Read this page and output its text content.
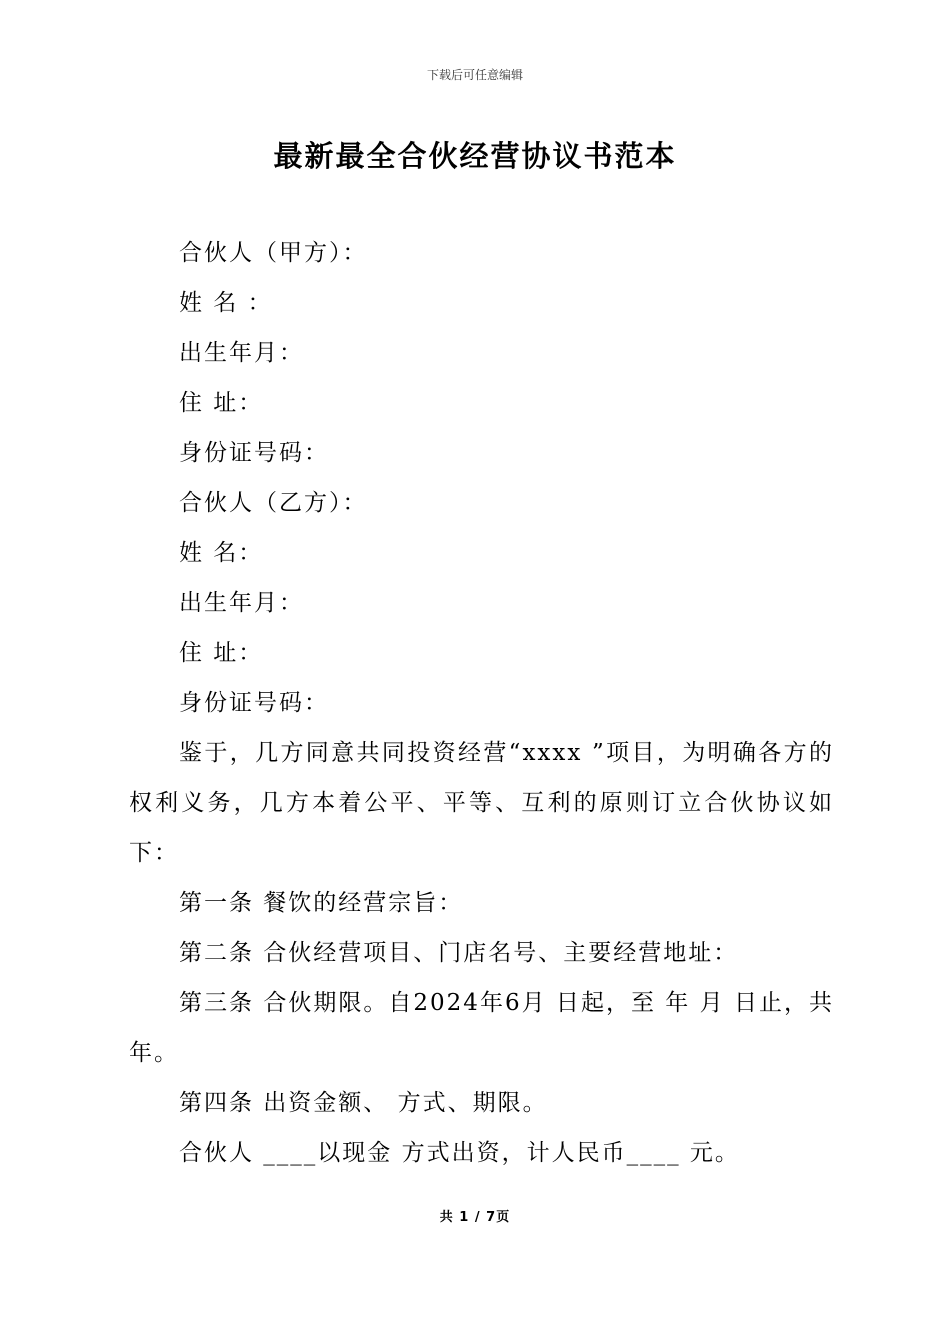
下载后可任意编辑
最新最全合伙经营协议书范本

合伙人（甲方）：

姓 名 ：

出生年月：

住 址：

身份证号码：

合伙人（乙方）：

姓 名：

出生年月：

住 址：

身份证号码：

鉴于，几方同意共同投资经营“xxxx ”项目，为明确各方的权利义务，几方本着公平、平等、互利的原则订立合伙协议如下：

第一条 餐饮的经营宗旨：

第二条 合伙经营项目、门店名号、主要经营地址：

第三条 合伙期限。自2024年6月 日起，至 年 月 日止，共 年。

第四条 出资金额、 方式、期限。

合伙人 ____以现金 方式出资，计人民币____ 元。

共 1 / 7页
